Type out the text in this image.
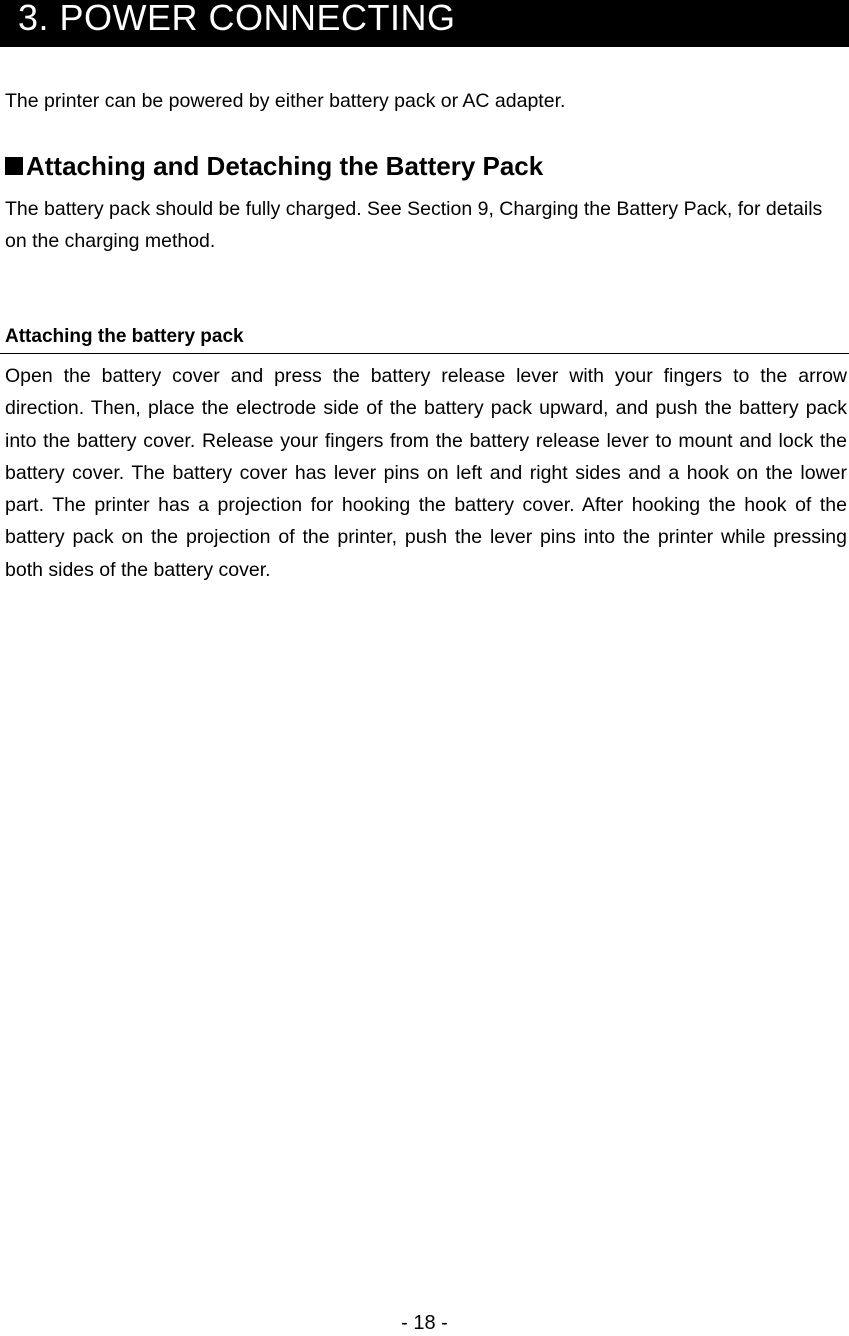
3. POWER CONNECTING
The printer can be powered by either battery pack or AC adapter.
Attaching and Detaching the Battery Pack

The battery pack should be fully charged. See Section 9, Charging the Battery Pack, for details on the charging method.

Attaching the battery pack

Open the battery cover and press the battery release lever with your fingers to the arrow direction. Then, place the electrode side of the battery pack upward, and push the battery pack into the battery cover. Release your fingers from the battery release lever to mount and lock the battery cover. The battery cover has lever pins on left and right sides and a hook on the lower part. The printer has a projection for hooking the battery cover. After hooking the hook of the battery pack on the projection of the printer, push the lever pins into the printer while pressing both sides of the battery cover.

- 18 -
